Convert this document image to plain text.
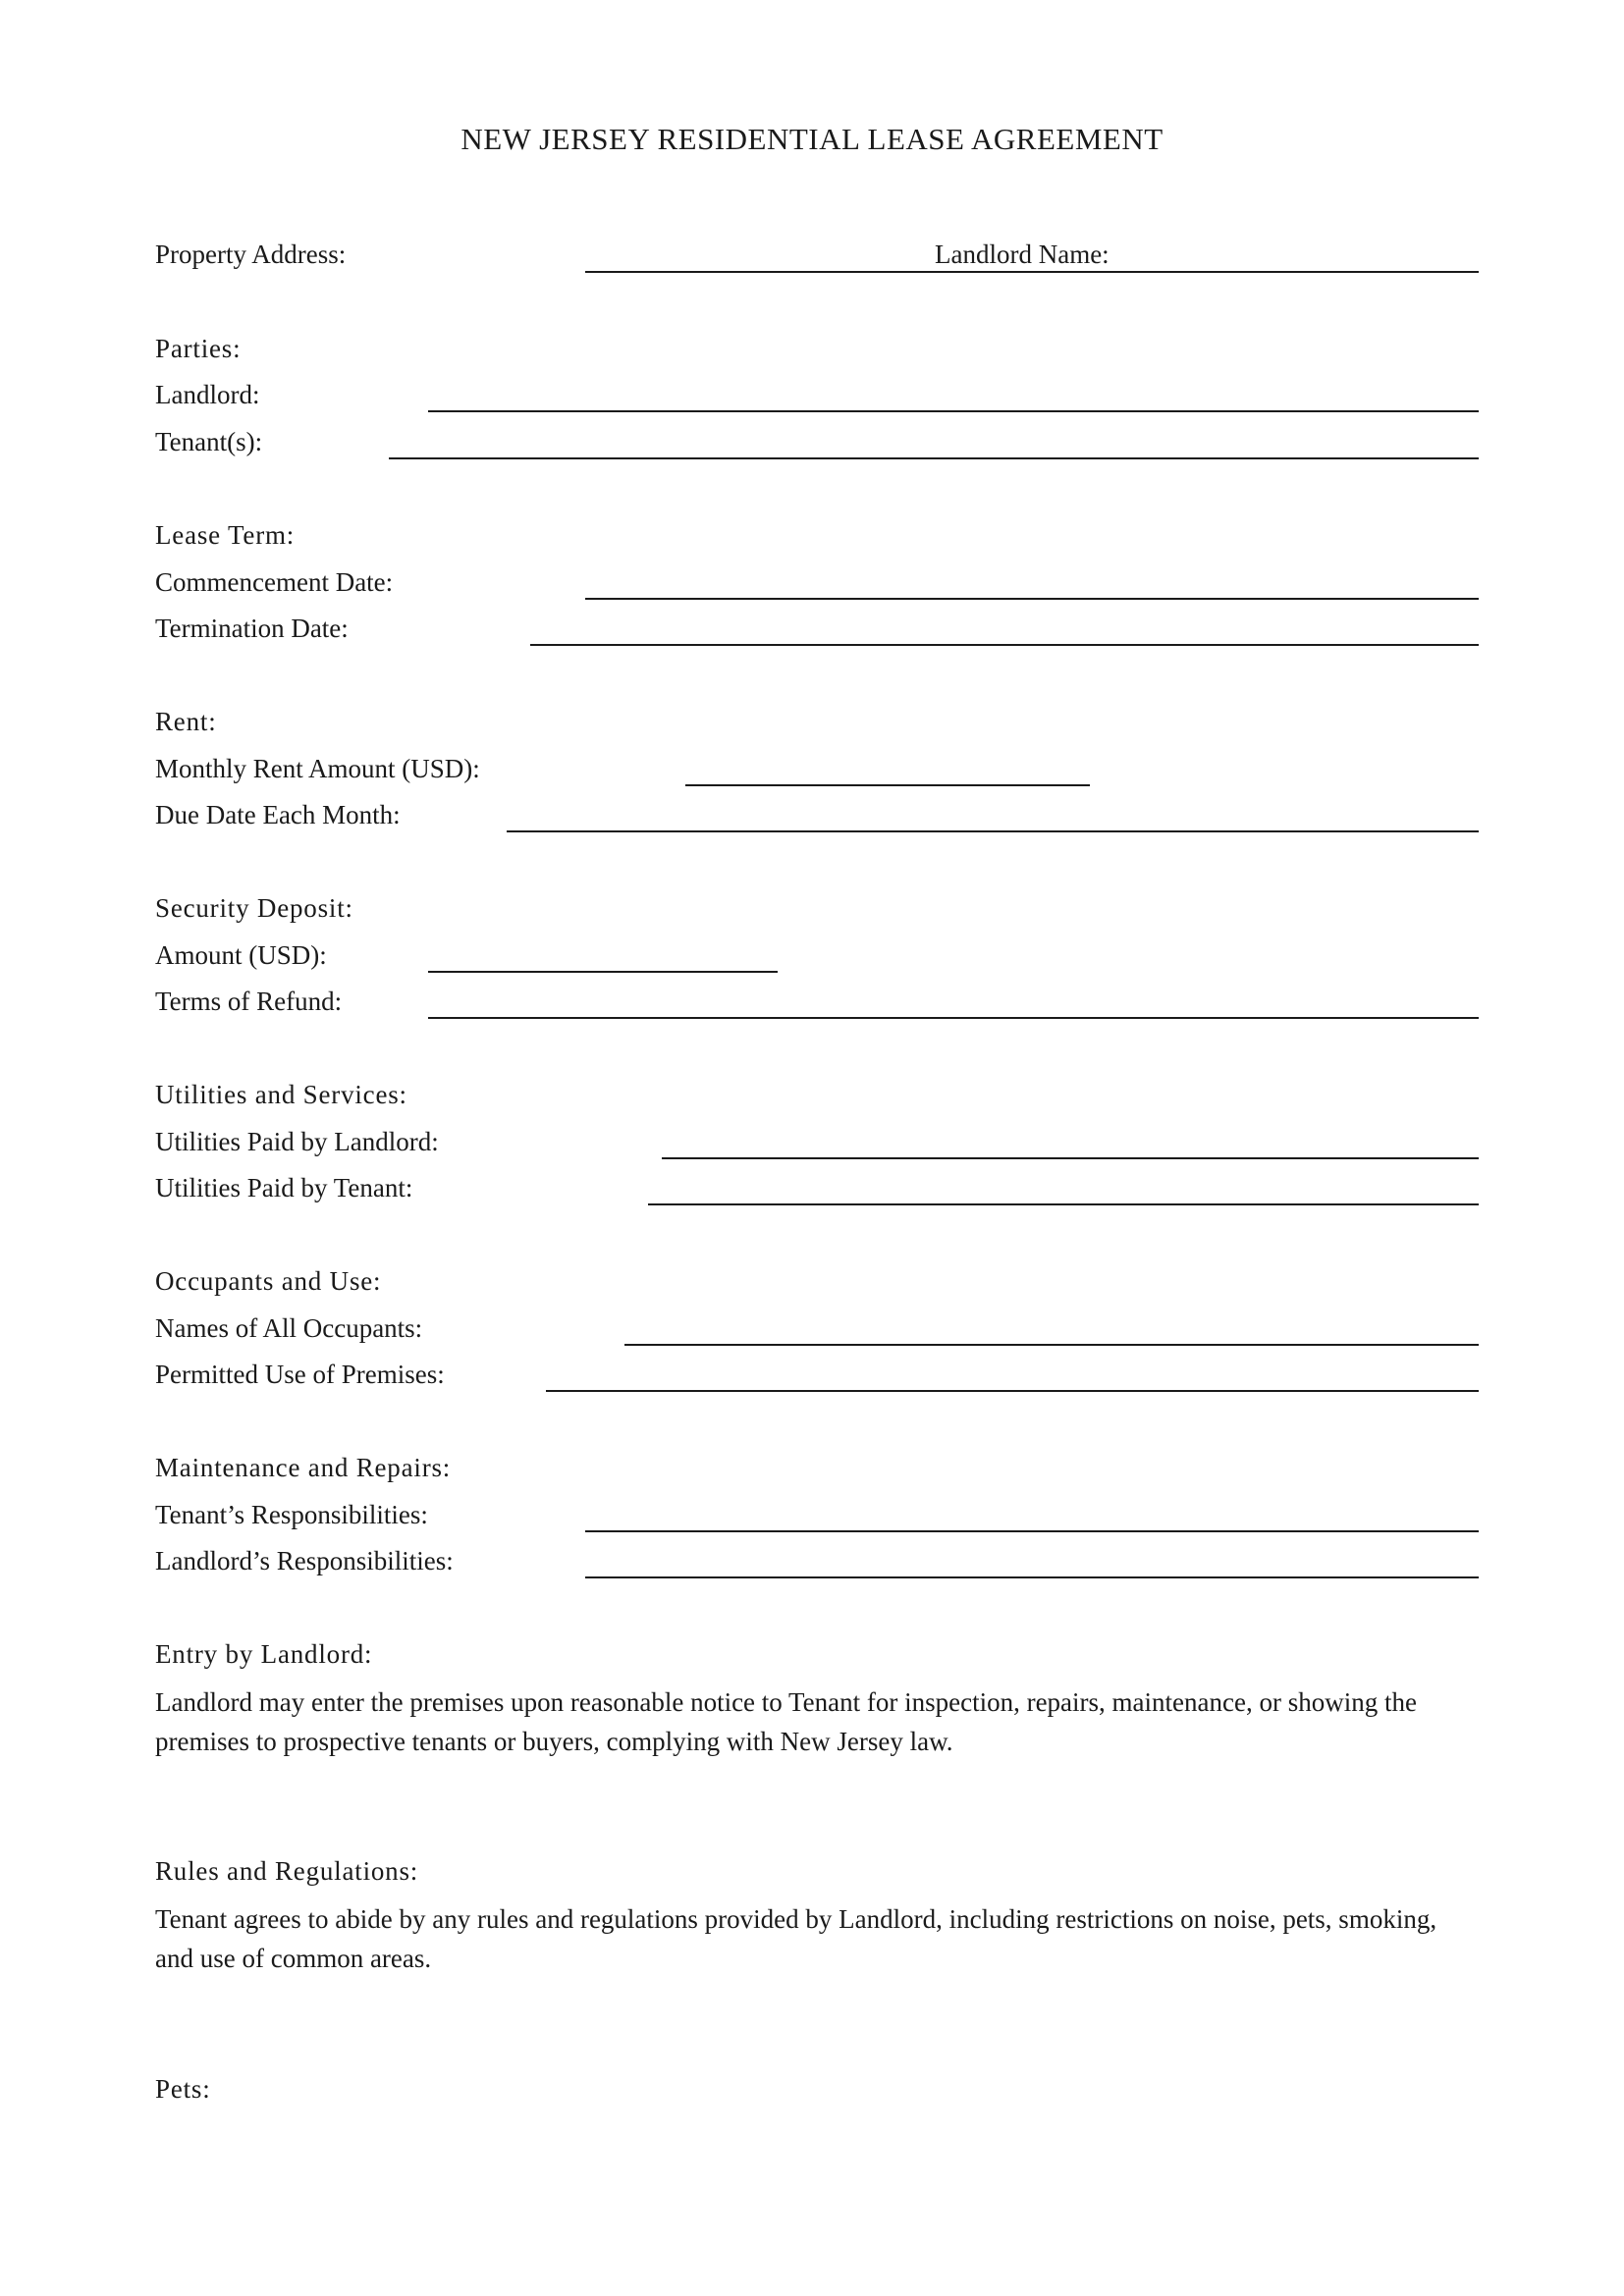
NEW JERSEY RESIDENTIAL LEASE AGREEMENT
Property Address:	Landlord Name:
Parties:
Landlord:
Tenant(s):
Lease Term:
Commencement Date:
Termination Date:
Rent:
Monthly Rent Amount (USD):
Due Date Each Month:
Security Deposit:
Amount (USD):
Terms of Refund:
Utilities and Services:
Utilities Paid by Landlord:
Utilities Paid by Tenant:
Occupants and Use:
Names of All Occupants:
Permitted Use of Premises:
Maintenance and Repairs:
Tenant’s Responsibilities:
Landlord’s Responsibilities:
Entry by Landlord:
Landlord may enter the premises upon reasonable notice to Tenant for inspection, repairs, maintenance, or showing the premises to prospective tenants or buyers, complying with New Jersey law.
Rules and Regulations:
Tenant agrees to abide by any rules and regulations provided by Landlord, including restrictions on noise, pets, smoking, and use of common areas.
Pets:
